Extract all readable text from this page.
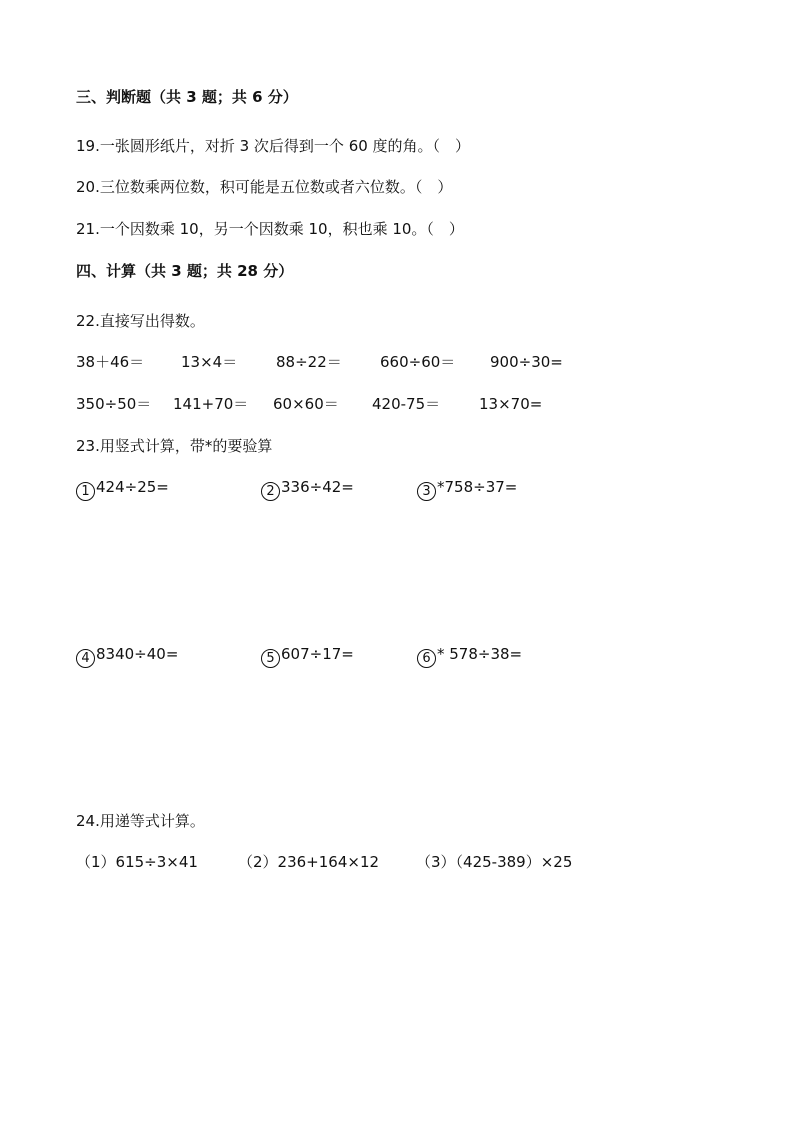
三、判断题（共 3 题；共 6 分）
19.一张圆形纸片，对折 3 次后得到一个 60 度的角。（　）
20.三位数乘两位数，积可能是五位数或者六位数。（　）
21.一个因数乘 10，另一个因数乘 10，积也乘 10。（　）
四、计算（共 3 题；共 28 分）
22.直接写出得数。
38＋46＝ 13×4＝	88÷22＝	660÷60＝ 900÷30=
350÷50＝ 141+70＝ 60×60＝ 420-75＝	13×70=
23.用竖式计算，带*的要验算
1 424÷25=	2 336÷42=	3 *758÷37=
4 8340÷40=	5 607÷17=	6 * 578÷38=
24.用递等式计算。
（1）615÷3×41	（2）236+164×12 （3）（425-389）×25
